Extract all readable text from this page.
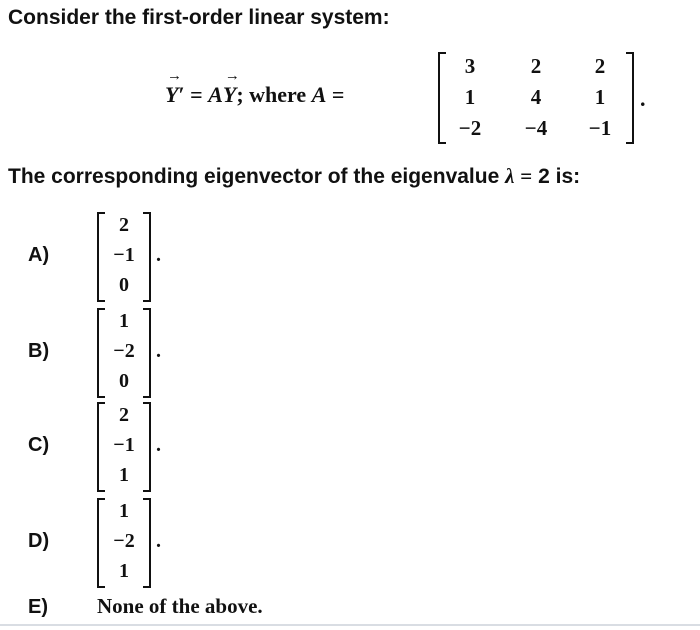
Consider the first-order linear system:
→
Y′ = A
→
Y; where A =
3	2	2
1	4	1
−2	−4	−1
.
The corresponding eigenvector of the eigenvalue λ = 2 is:
A)
2
−1
0
.
B)
1
−2
0
.
C)
2
−1
1
.
D)
1
−2
1
.
E) None of the above.
